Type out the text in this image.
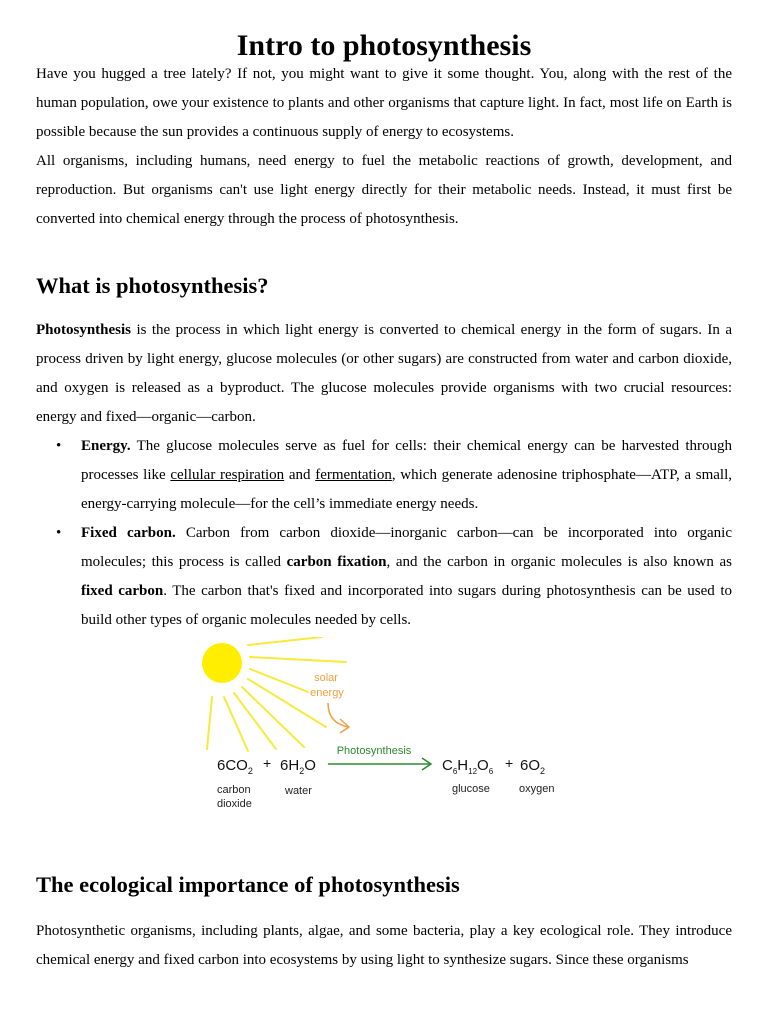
Intro to photosynthesis

Have you hugged a tree lately? If not, you might want to give it some thought. You, along with the rest of the human population, owe your existence to plants and other organisms that capture light. In fact, most life on Earth is possible because the sun provides a continuous supply of energy to ecosystems.

All organisms, including humans, need energy to fuel the metabolic reactions of growth, development, and reproduction. But organisms can't use light energy directly for their metabolic needs. Instead, it must first be converted into chemical energy through the process of photosynthesis.

What is photosynthesis?

Photosynthesis is the process in which light energy is converted to chemical energy in the form of sugars. In a process driven by light energy, glucose molecules (or other sugars) are constructed from water and carbon dioxide, and oxygen is released as a byproduct. The glucose molecules provide organisms with two crucial resources: energy and fixed—organic—carbon.

• Energy. The glucose molecules serve as fuel for cells: their chemical energy can be harvested through processes like cellular respiration and fermentation, which generate adenosine triphosphate—ATP, a small, energy-carrying molecule—for the cell’s immediate energy needs.
• Fixed carbon. Carbon from carbon dioxide—inorganic carbon—can be incorporated into organic molecules; this process is called carbon fixation, and the carbon in organic molecules is also known as fixed carbon. The carbon that's fixed and incorporated into sugars during photosynthesis can be used to build other types of organic molecules needed by cells.
solar
energy
$6CO_2 + 6H_2O$
Photosynthesis
$C_6H_{12}O_6$
+ $6O_2$
carbon
dioxide
water	glucose	oxygen
The ecological importance of photosynthesis

Photosynthetic organisms, including plants, algae, and some bacteria, play a key ecological role. They introduce chemical energy and fixed carbon into ecosystems by using light to synthesize sugars. Since these organisms
